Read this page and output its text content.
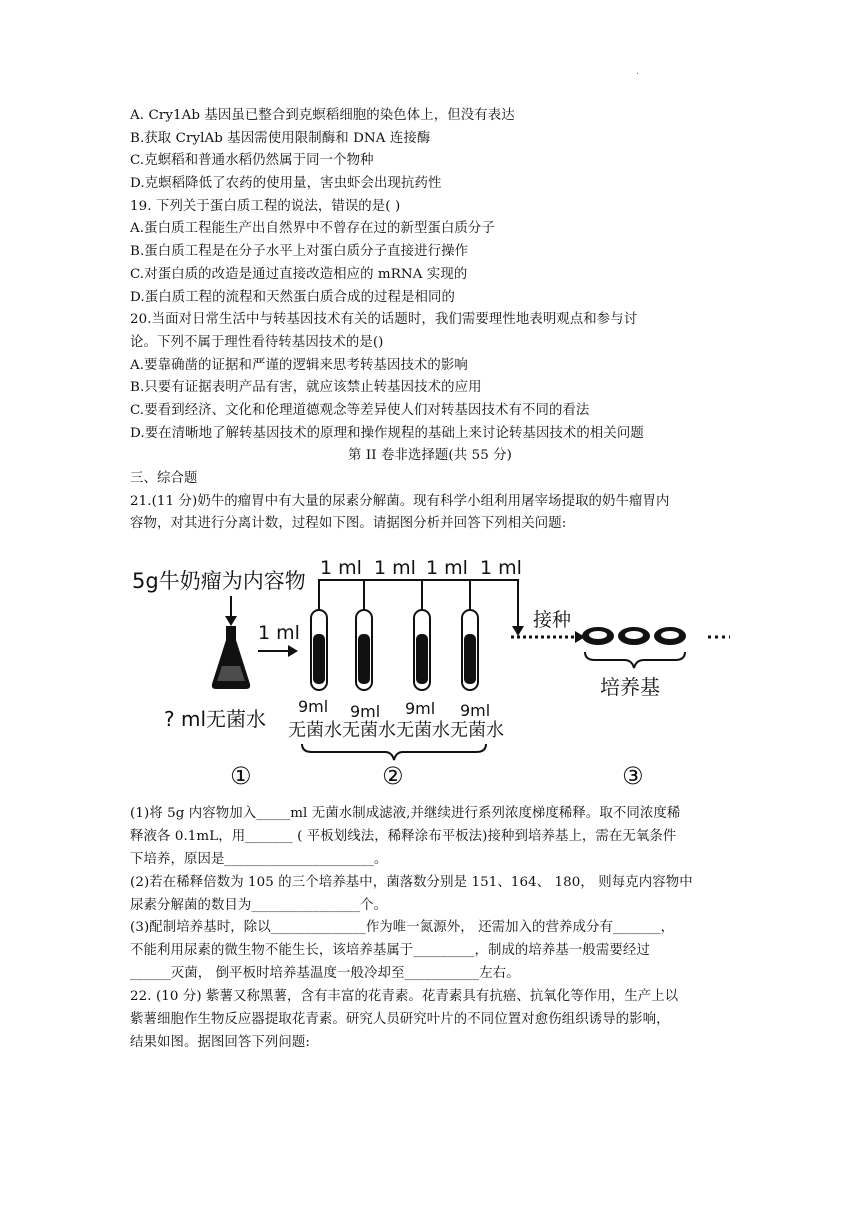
.
A. Cry1Ab 基因虽已整合到克螟稻细胞的染色体上，但没有表达
B.获取 CrylAb 基因需使用限制酶和 DNA 连接酶
C.克螟稻和普通水稻仍然属于同一个物种
D.克螟稻降低了农药的使用量，害虫虾会出现抗药性
19. 下列关于蛋白质工程的说法，错误的是( )
A.蛋白质工程能生产出自然界中不曾存在过的新型蛋白质分子
B.蛋白质工程是在分子水平上对蛋白质分子直接进行操作
C.对蛋白质的改造是通过直接改造相应的 mRNA 实现的
D.蛋白质工程的流程和天然蛋白质合成的过程是相同的
20.当面对日常生活中与转基因技术有关的话题时，我们需要理性地表明观点和参与讨
论。下列不属于理性看待转基因技术的是()
A.要靠确凿的证据和严谨的逻辑来思考转基因技术的影响
B.只要有证据表明产品有害，就应该禁止转基因技术的应用
C.要看到经济、文化和伦理道德观念等差异使人们对转基因技术有不同的看法
D.要在清晰地了解转基因技术的原理和操作规程的基础上来讨论转基因技术的相关问题
第 II 卷非选择题(共 55 分)
三、综合题
21.(11 分)奶牛的瘤胃中有大量的尿素分解菌。现有科学小组利用屠宰场提取的奶牛瘤胃内
容物，对其进行分离计数，过程如下图。请据图分析并回答下列相关问题:
5g牛奶瘤为内容物
1 ml
1 ml 1 ml 1 ml 1 ml
接种
培养基
? ml无菌水
9ml 9ml 9ml 9ml
无菌水无菌水无菌水无菌水
①	②	③
(1)将 5g 内容物加入_____ml 无菌水制成滤液,并继续进行系列浓度梯度稀释。取不同浓度稀
释液各 0.1mL，用_______ ( 平板划线法，稀释涂布平板法)接种到培养基上，需在无氧条件
下培养，原因是______________________。
(2)若在稀释倍数为 105 的三个培养基中，菌落数分别是 151、164、 180， 则每克内容物中
尿素分解菌的数目为________________个。
(3)配制培养基时，除以______________作为唯一氮源外， 还需加入的营养成分有_______，
不能利用尿素的微生物不能生长，该培养基属于_________，制成的培养基一般需要经过
______灭菌， 倒平板时培养基温度一般冷却至___________左右。
22. (10 分) 紫薯又称黑薯，含有丰富的花青素。花青素具有抗癌、抗氧化等作用，生产上以
紫薯细胞作生物反应器提取花青素。研究人员研究叶片的不同位置对愈伤组织诱导的影响，
结果如图。据图回答下列问题:
